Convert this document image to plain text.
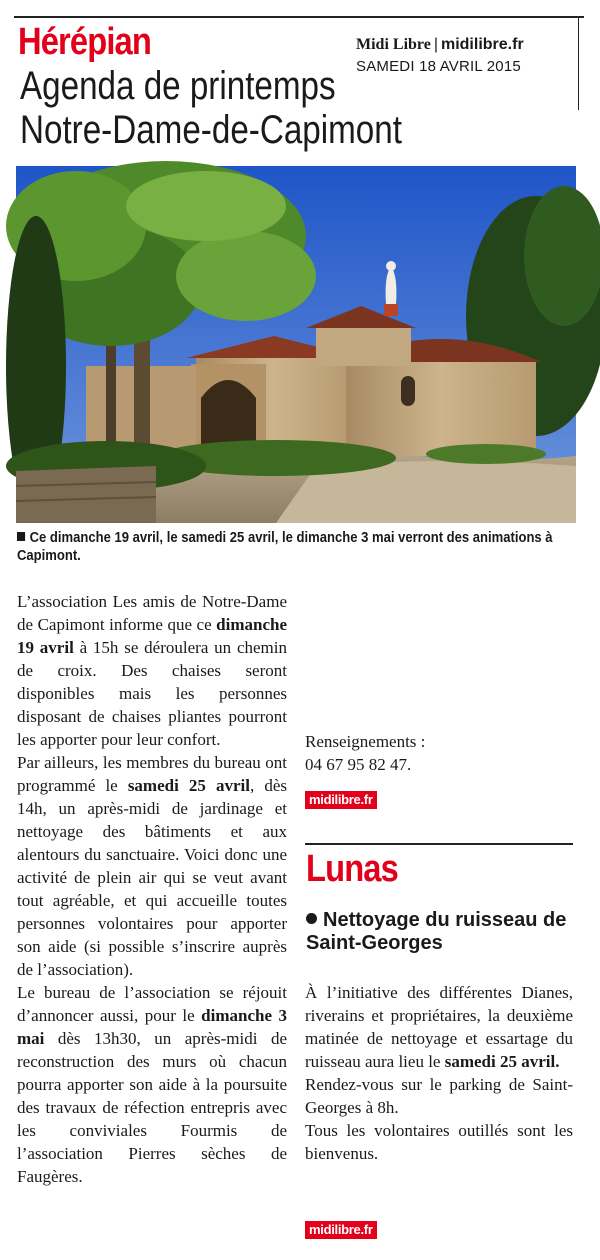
Hérépian	Midi Libre | midilibre.fr
SAMEDI 18 AVRIL 2015
Agenda de printemps
Notre-Dame-de-Capimont
Ce dimanche 19 avril, le samedi 25 avril, le dimanche 3 mai verront des animations à Capimont.

L’association Les amis de Notre-Dame de Capimont informe que ce dimanche 19 avril à 15h se déroulera un chemin de croix. Des chaises seront disponibles mais les personnes disposant de chaises pliantes pourront les apporter pour leur confort.

Par ailleurs, les membres du bureau ont programmé le samedi 25 avril, dès 14h, un après-midi de jardinage et nettoyage des bâtiments et aux alentours du sanctuaire. Voici donc une activité de plein air qui se veut avant tout agréable, et qui accueille toutes personnes volontaires pour apporter son aide (si possible s’inscrire auprès de l’association).

Le bureau de l’association se réjouit d’annoncer aussi, pour le dimanche 3 mai dès 13h30, un après-midi de reconstruction des murs où chacun pourra apporter son aide à la poursuite des travaux de réfection entrepris avec les conviviales Fourmis de l’association Pierres sèches de Faugères.

Renseignements :

04 67 95 82 47.

midilibre.fr
Lunas
Nettoyage du ruisseau de Saint-Georges

À l’initiative des différentes Dianes, riverains et propriétaires, la deuxième matinée de nettoyage et essartage du ruisseau aura lieu le samedi 25 avril.

Rendez-vous sur le parking de Saint-Georges à 8h.

Tous les volontaires outillés sont les bienvenus.

midilibre.fr
